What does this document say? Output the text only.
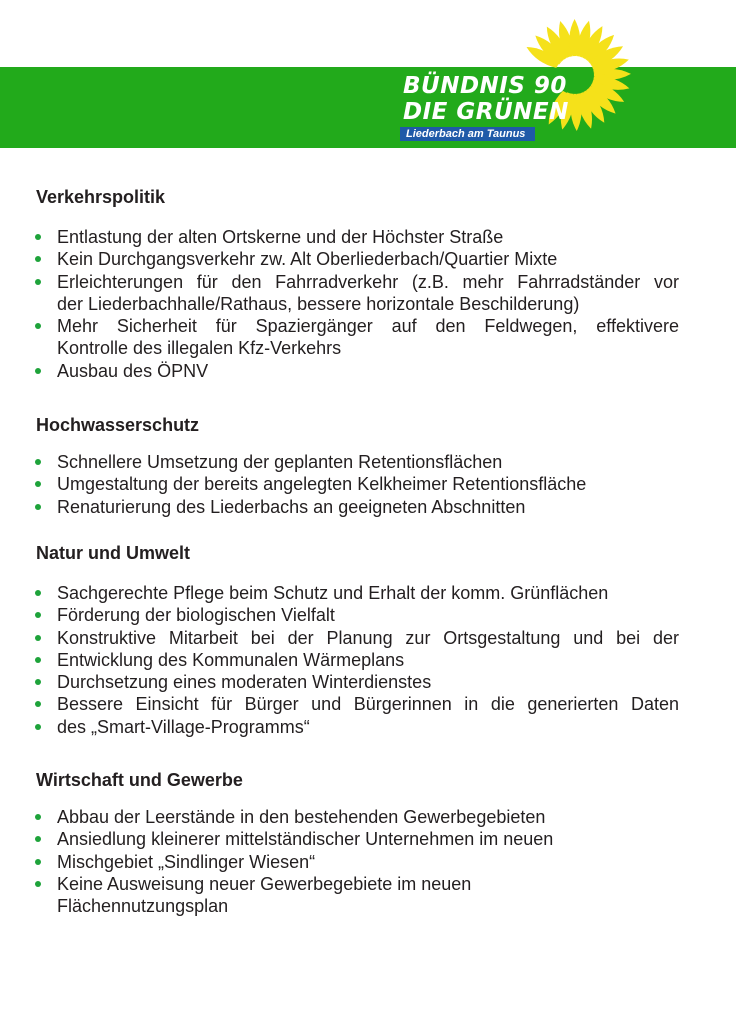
BÜNDNIS 90
DIE GRÜNEN
Liederbach am Taunus
Verkehrspolitik
Entlastung der alten Ortskerne und der Höchster Straße
Kein Durchgangsverkehr zw. Alt Oberliederbach/Quartier Mixte
Erleichterungen für den Fahrradverkehr (z.B. mehr Fahrradständer vor
der Liederbachhalle/Rathaus, bessere horizontale Beschilderung)
Mehr Sicherheit für Spaziergänger auf den Feldwegen, effektivere
Kontrolle des illegalen Kfz-Verkehrs
Ausbau des ÖPNV
Hochwasserschutz
Schnellere Umsetzung der geplanten Retentionsflächen
Umgestaltung der bereits angelegten Kelkheimer Retentionsfläche
Renaturierung des Liederbachs an geeigneten Abschnitten
Natur und Umwelt
Sachgerechte Pflege beim Schutz und Erhalt der komm. Grünflächen
Förderung der biologischen Vielfalt
Konstruktive Mitarbeit bei der Planung zur Ortsgestaltung und bei der
Entwicklung des Kommunalen Wärmeplans
Durchsetzung eines moderaten Winterdienstes
Bessere Einsicht für Bürger und Bürgerinnen in die generierten Daten
des „Smart-Village-Programms“
Wirtschaft und Gewerbe
Abbau der Leerstände in den bestehenden Gewerbegebieten
Ansiedlung kleinerer mittelständischer Unternehmen im neuen
Mischgebiet „Sindlinger Wiesen“
Keine Ausweisung neuer Gewerbegebiete im neuen
Flächennutzungsplan
